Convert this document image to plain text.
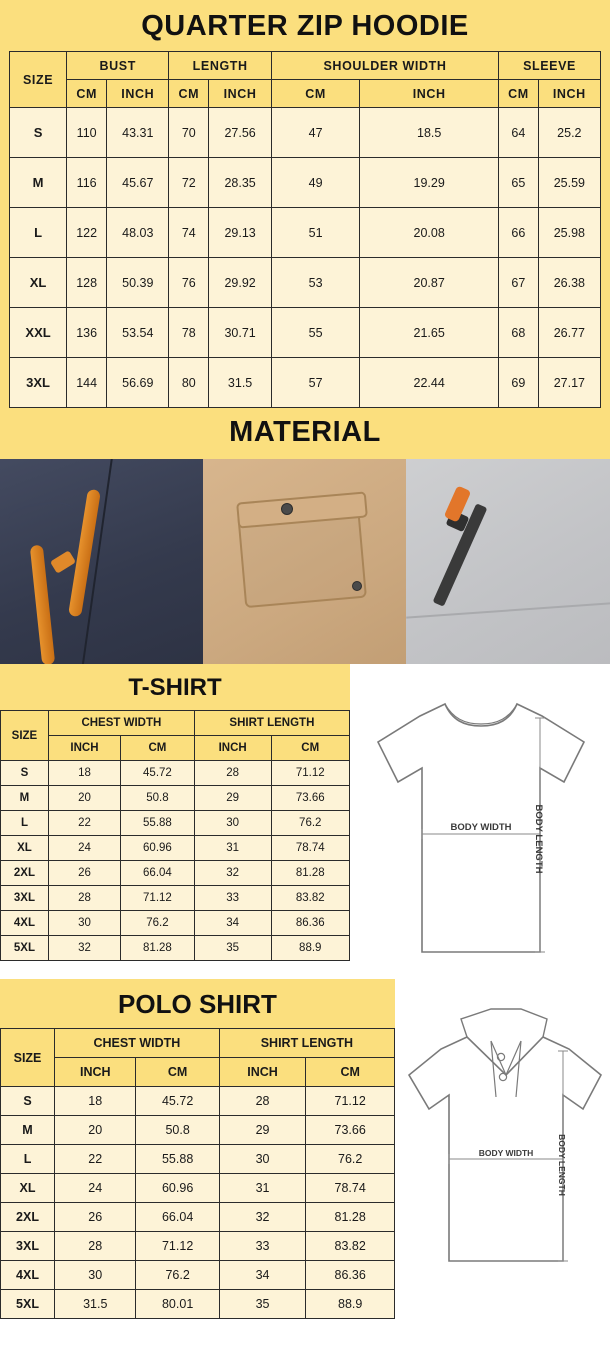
QUARTER ZIP HOODIE
SIZE	BUST		LENGTH		SHOULDER WIDTH		SLEEVE	
	CM	INCH	CM	INCH	CM	INCH	CM	INCH
S	110	43.31	70	27.56	47	18.5	64	25.2
M	116	45.67	72	28.35	49	19.29	65	25.59
L	122	48.03	74	29.13	51	20.08	66	25.98
XL	128	50.39	76	29.92	53	20.87	67	26.38
XXL	136	53.54	78	30.71	55	21.65	68	26.77
3XL	144	56.69	80	31.5	57	22.44	69	27.17
MATERIAL
T-SHIRT
SIZE	CHEST WIDTH		SHIRT LENGTH	
	INCH	CM	INCH	CM
S	18	45.72	28	71.12
M	20	50.8	29	73.66
L	22	55.88	30	76.2
XL	24	60.96	31	78.74
2XL	26	66.04	32	81.28
3XL	28	71.12	33	83.82
4XL	30	76.2	34	86.36
5XL	32	81.28	35	88.9
BODY WIDTH BODY LENGTH
POLO SHIRT
SIZE	CHEST WIDTH		SHIRT LENGTH	
	INCH	CM	INCH	CM
S	18	45.72	28	71.12
M	20	50.8	29	73.66
L	22	55.88	30	76.2
XL	24	60.96	31	78.74
2XL	26	66.04	32	81.28
3XL	28	71.12	33	83.82
4XL	30	76.2	34	86.36
5XL	31.5	80.01	35	88.9
BODY WIDTH	BODY LENGTH
